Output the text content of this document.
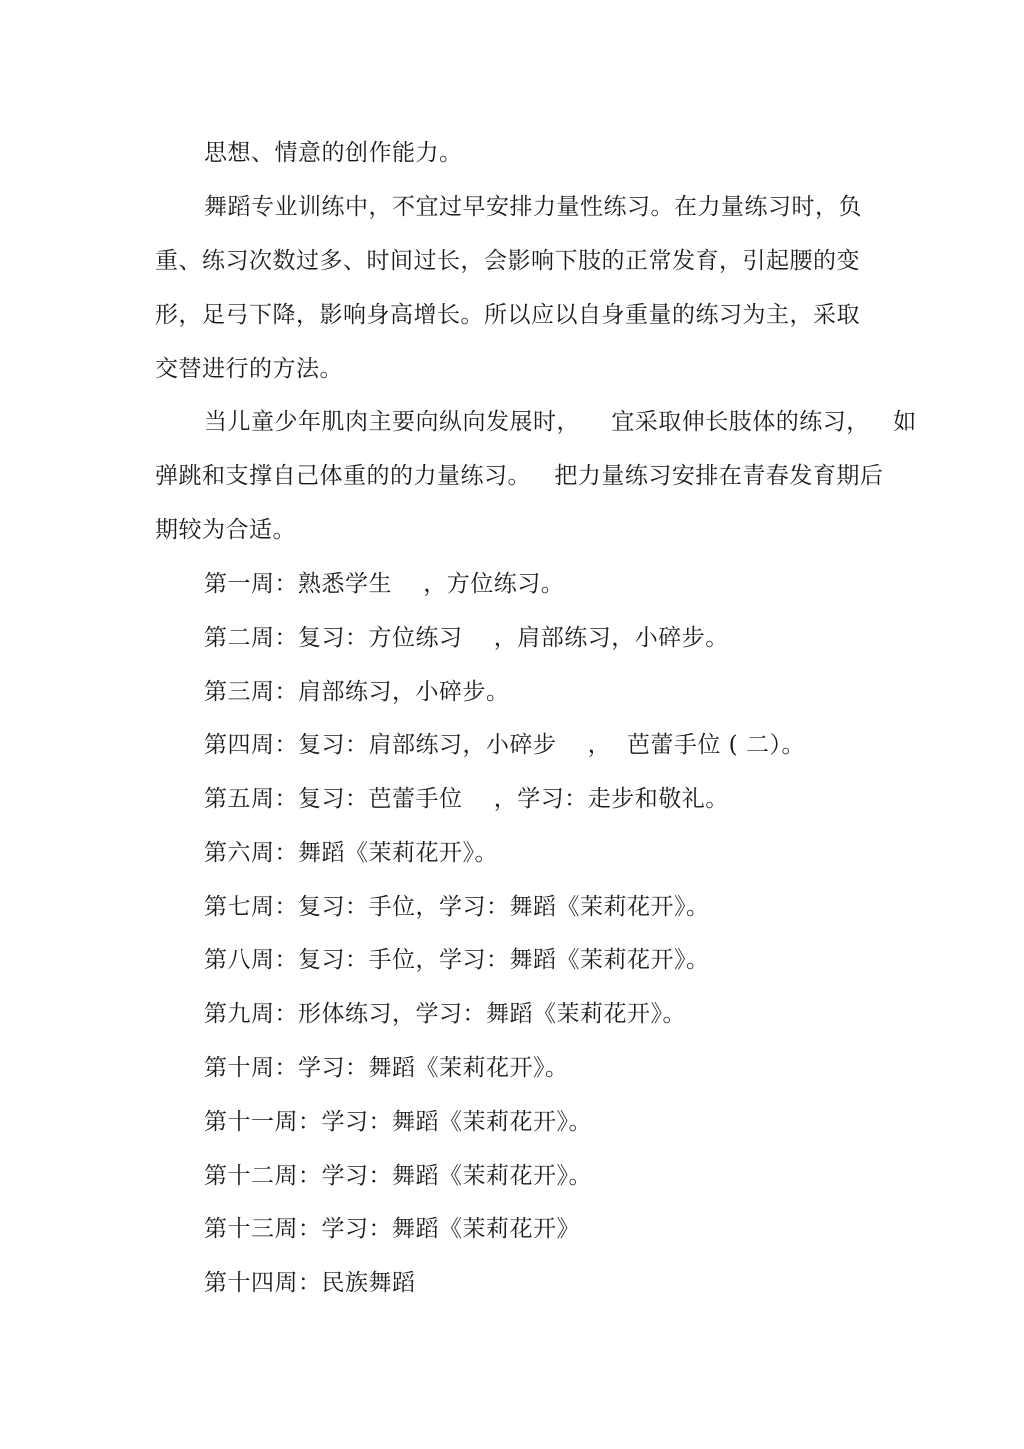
思想、情意的创作能力。
舞蹈专业训练中，不宜过早安排力量性练习。在力量练习时，负
重、练习次数过多、时间过长，会影响下肢的正常发育，引起腰的变
形，足弓下降，影响身高增长。所以应以自身重量的练习为主，采取
交替进行的方法。
当儿童少年肌肉主要向纵向发展时，    宜采取伸长肢体的练习，   如
弹跳和支撑自己体重的的力量练习。   把力量练习安排在青春发育期后
期较为合适。
第一周：熟悉学生    ，方位练习。
第二周：复习：方位练习    ，肩部练习，小碎步。
第三周：肩部练习，小碎步。
第四周：复习：肩部练习，小碎步    ，  芭蕾手位 ( 二）。
第五周：复习：芭蕾手位    ，学习：走步和敬礼。
第六周：舞蹈《茉莉花开》。
第七周：复习：手位，学习：舞蹈《茉莉花开》。
第八周：复习：手位，学习：舞蹈《茉莉花开》。
第九周：形体练习，学习：舞蹈《茉莉花开》。
第十周：学习：舞蹈《茉莉花开》。
第十一周：学习：舞蹈《茉莉花开》。
第十二周：学习：舞蹈《茉莉花开》。
第十三周：学习：舞蹈《茉莉花开》
第十四周：民族舞蹈
